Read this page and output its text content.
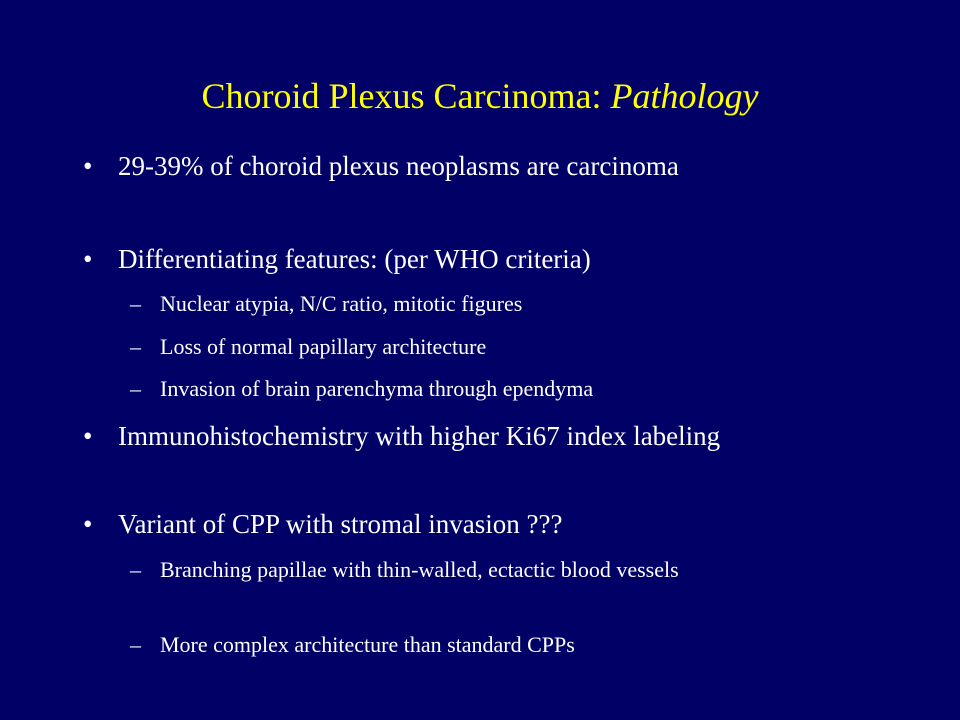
Choroid Plexus Carcinoma: Pathology
• 29-39% of choroid plexus neoplasms are carcinoma
• Differentiating features: (per WHO criteria)
– Nuclear atypia, N/C ratio, mitotic figures
– Loss of normal papillary architecture
– Invasion of brain parenchyma through ependyma
• Immunohistochemistry with higher Ki67 index labeling
• Variant of CPP with stromal invasion ???
– Branching papillae with thin-walled, ectactic blood vessels
– More complex architecture than standard CPPs
